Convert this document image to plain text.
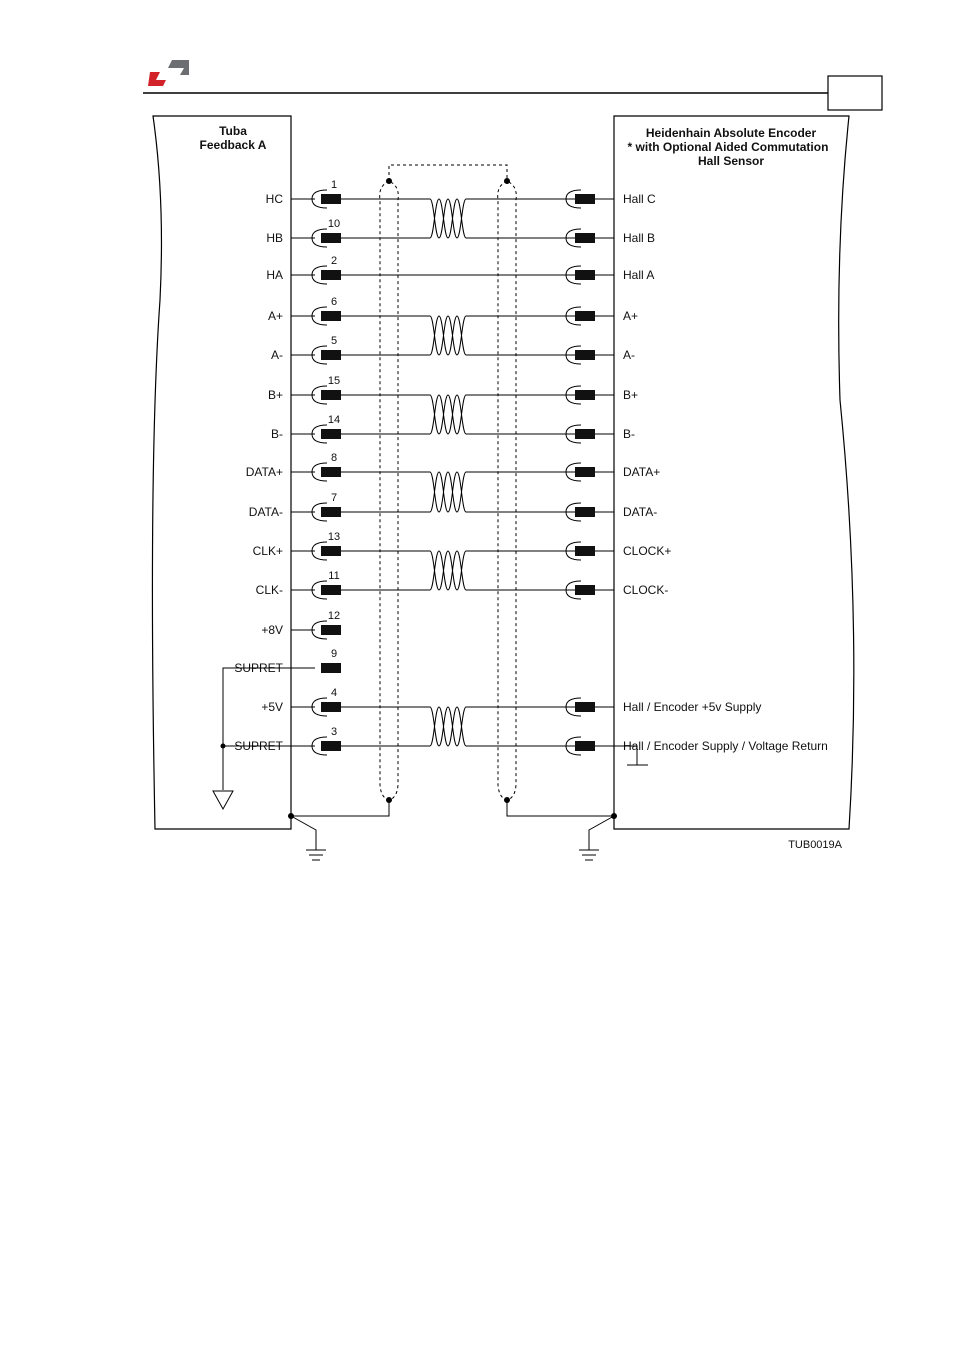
Tuba
Feedback A
Heidenhain Absolute Encoder
* with Optional Aided Commutation
Hall Sensor
HC
1
HB
10
HA
2
A+
6
A-
5
B+
15
B-
14
DATA+
8
DATA-
7
CLK+
13
CLK-
11
+8V
12
SUPRET
9
+5V
4
SUPRET
3
Hall C
Hall B
Hall A
A+
A-
B+
B-
DATA+
DATA-
CLOCK+
CLOCK-
Hall / Encoder +5v Supply
Hall / Encoder Supply / Voltage Return
TUB0019A
